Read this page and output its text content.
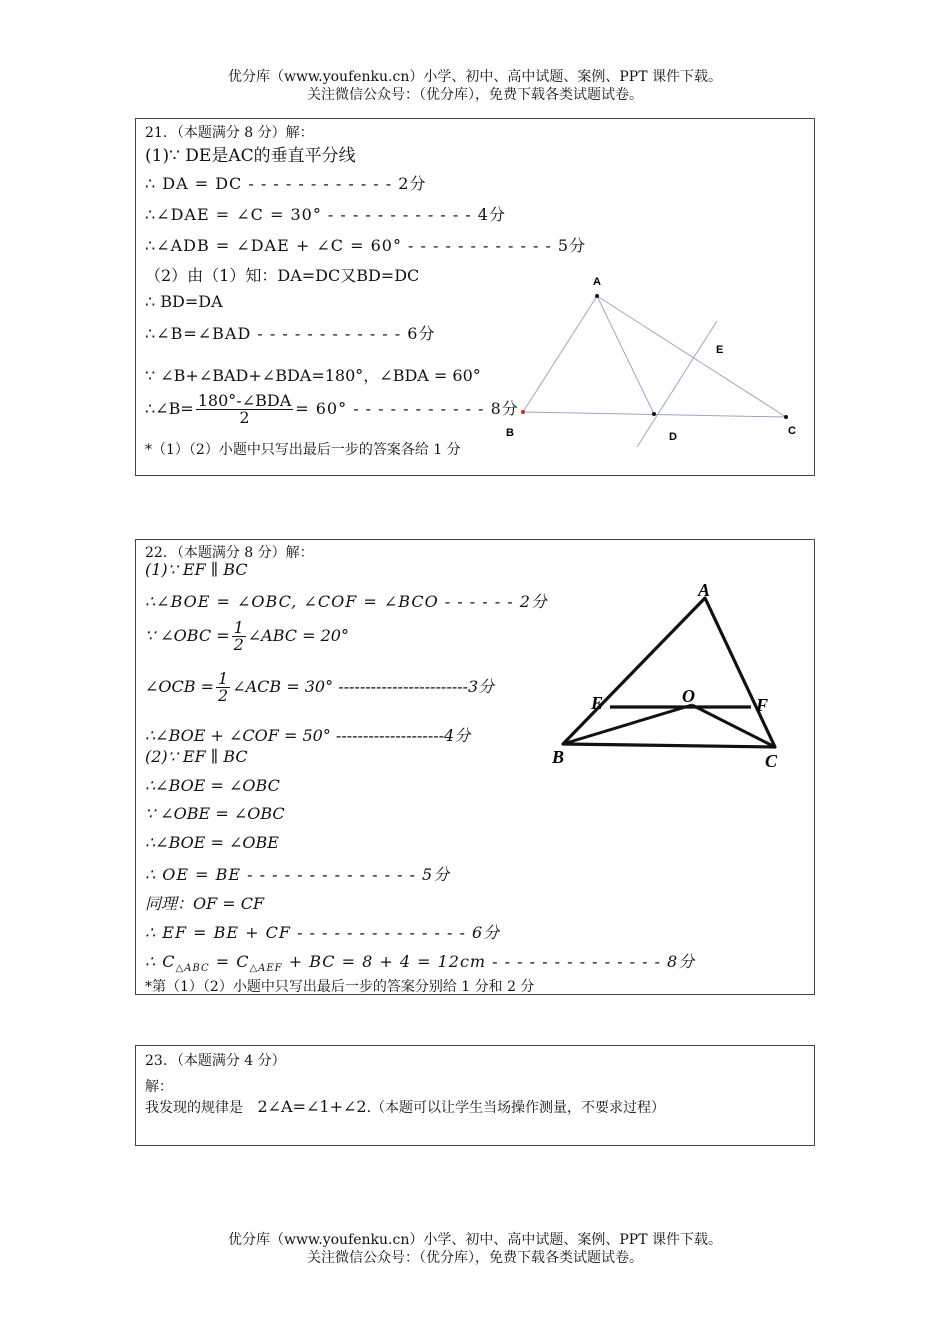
优分库（www.youfenku.cn）小学、初中、高中试题、案例、PPT 课件下载。
关注微信公众号：（优分库），免费下载各类试题试卷。
21．（本题满分 8 分）解：
(1)∵ DE是AC的垂直平分线
∴ DA = DC - - - - - - - - - - - - 2分
∴∠DAE = ∠C = 30° - - - - - - - - - - - - 4分
∴∠ADB = ∠DAE + ∠C = 60° - - - - - - - - - - - - 5分
（2）由（1）知：DA=DC又BD=DC
∴ BD=DA
∴∠B=∠BAD - - - - - - - - - - - - 6分
∵ ∠B+∠BAD+∠BDA=180°，∠BDA = 60°
∴∠B= $\frac{\text{180°-∠BDA}}{2} = 60^\circ$ - - - - - - - - - - - 8分
*（1）（2）小题中只写出最后一步的答案各给 1 分
A
B	D	C
E
22．（本题满分 8 分）解：
(1)∵ EF ∥ BC
∴∠BOE = ∠OBC, ∠COF = ∠BCO - - - - - - 2分
∵ ∠OBC = $\frac{1}{2}$ ∠ABC = 20°
∠OCB = $\frac{1}{2}$ ∠ACB = 30° ------------------------3分
∴∠BOE + ∠COF = 50° --------------------4分
(2)∵ EF ∥ BC
∴∠BOE = ∠OBC
∵ ∠OBE = ∠OBC
∴∠BOE = ∠OBE
∴ OE = BE - - - - - - - - - - - - - - 5分
同理：OF = CF
∴ EF = BE + CF - - - - - - - - - - - - - - 6分
∴ $C_{\triangle ABC} = C_{\triangle AEF}$ + BC = 8 + 4 = 12cm - - - - - - - - - - - - - - 8分
*第（1）（2）小题中只写出最后一步的答案分别给 1 分和 2 分
A
B	C
E	F
O
23．（本题满分 4 分）
解：
我发现的规律是 2∠A=∠1+∠2.（本题可以让学生当场操作测量，不要求过程）
优分库（www.youfenku.cn）小学、初中、高中试题、案例、PPT 课件下载。
关注微信公众号：（优分库），免费下载各类试题试卷。
